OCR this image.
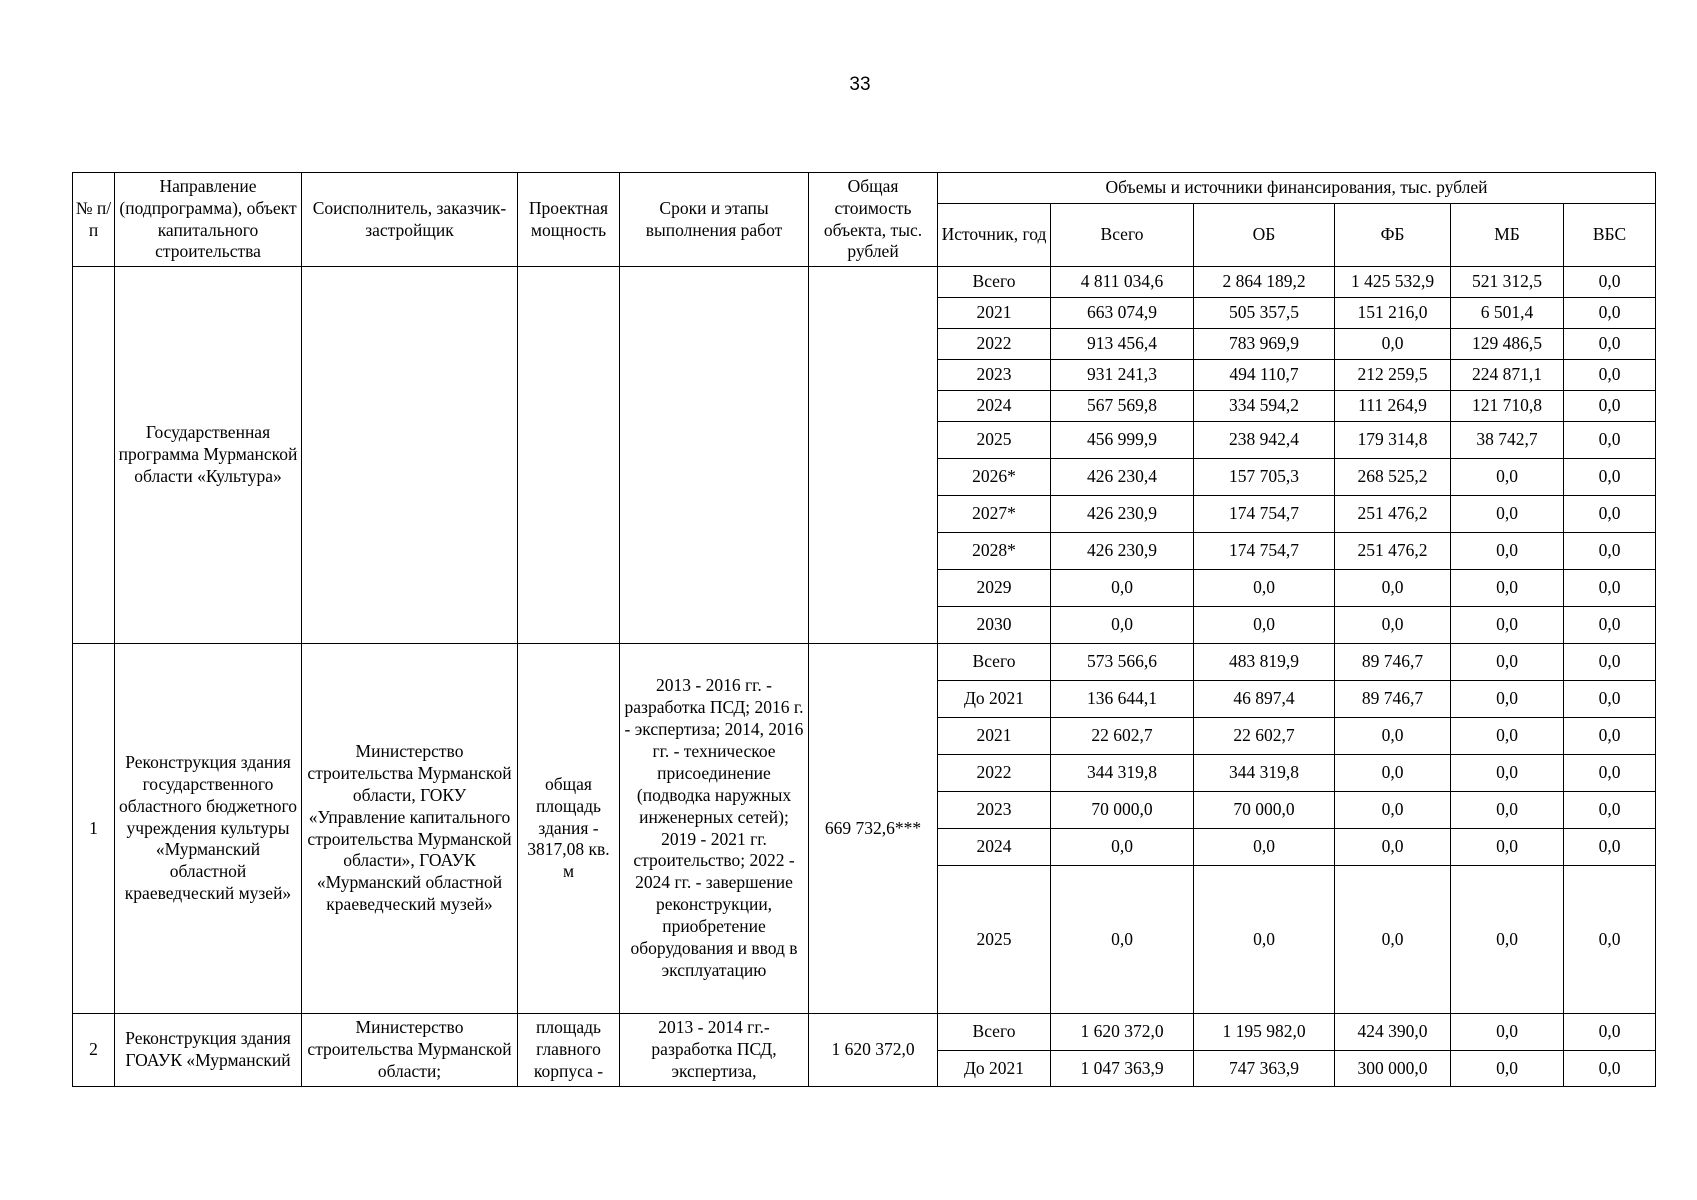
33
№ п/п	Направление (подпрограмма), объект капитального строительства	Соисполнитель, заказчик-застройщик	Проектная мощность	Сроки и этапы выполнения работ	Общая стоимость объекта, тыс. рублей	Объемы и источники финансирования, тыс. рублей					
						Источник, год	Всего	ОБ	ФБ	МБ	ВБС
	Государственная программа Мурманской области «Культура»					Всего	4 811 034,6	2 864 189,2	1 425 532,9	521 312,5	0,0
						2021	663 074,9	505 357,5	151 216,0	6 501,4	0,0
						2022	913 456,4	783 969,9	0,0	129 486,5	0,0
						2023	931 241,3	494 110,7	212 259,5	224 871,1	0,0
						2024	567 569,8	334 594,2	111 264,9	121 710,8	0,0
						2025	456 999,9	238 942,4	179 314,8	38 742,7	0,0
						2026*	426 230,4	157 705,3	268 525,2	0,0	0,0
						2027*	426 230,9	174 754,7	251 476,2	0,0	0,0
						2028*	426 230,9	174 754,7	251 476,2	0,0	0,0
						2029	0,0	0,0	0,0	0,0	0,0
						2030	0,0	0,0	0,0	0,0	0,0
1	Реконструкция здания государственного областного бюджетного учреждения культуры «Мурманский областной краеведческий музей»	Министерство строительства Мурманской области, ГОКУ «Управление капитального строительства Мурманской области», ГОАУК «Мурманский областной краеведческий музей»	общая площадь здания - 3817,08 кв. м	2013 - 2016 гг. - разработка ПСД; 2016 г. - экспертиза; 2014, 2016 гг. - техническое присоединение (подводка наружных инженерных сетей); 2019 - 2021 гг. строительство; 2022 - 2024 гг. - завершение реконструкции, приобретение оборудования и ввод в эксплуатацию	669 732,6***	Всего	573 566,6	483 819,9	89 746,7	0,0	0,0
						До 2021	136 644,1	46 897,4	89 746,7	0,0	0,0
						2021	22 602,7	22 602,7	0,0	0,0	0,0
						2022	344 319,8	344 319,8	0,0	0,0	0,0
						2023	70 000,0	70 000,0	0,0	0,0	0,0
						2024	0,0	0,0	0,0	0,0	0,0
						2025	0,0	0,0	0,0	0,0	0,0
2	Реконструкция здания ГОАУК «Мурманский	Министерство строительства Мурманской области;	площадь главного корпуса -	2013 - 2014 гг.- разработка ПСД, экспертиза,	1 620 372,0	Всего	1 620 372,0	1 195 982,0	424 390,0	0,0	0,0
						До 2021	1 047 363,9	747 363,9	300 000,0	0,0	0,0
